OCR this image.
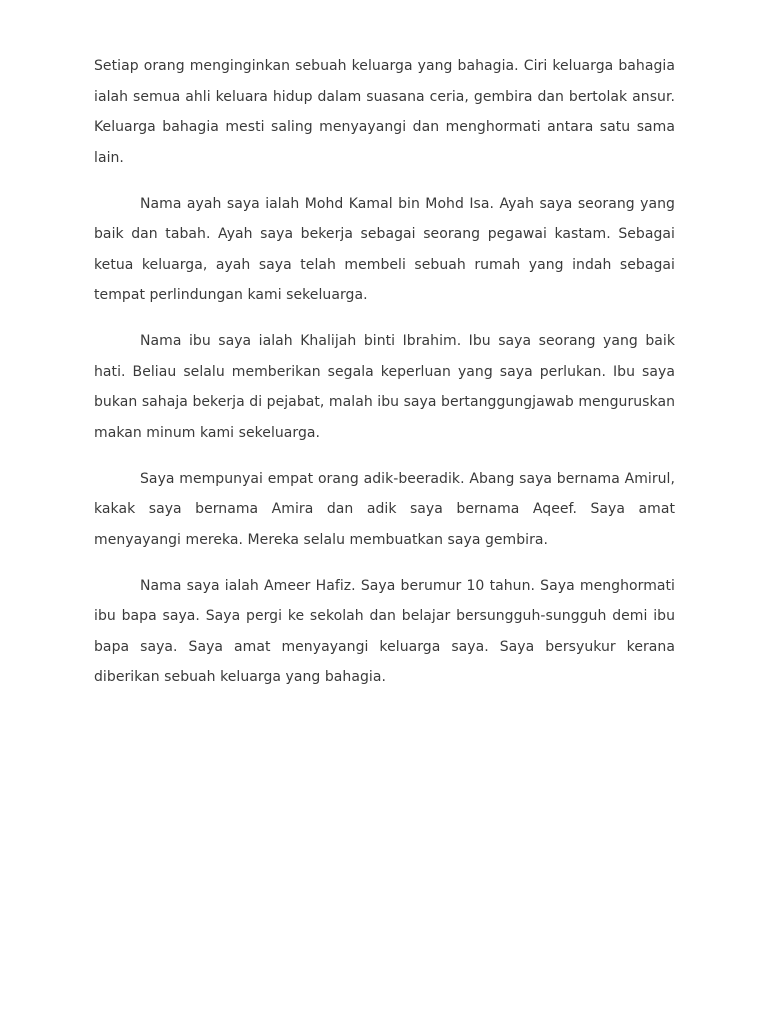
Setiap orang menginginkan sebuah keluarga yang bahagia. Ciri keluarga bahagia ialah semua ahli keluara hidup dalam suasana ceria, gembira dan bertolak ansur. Keluarga bahagia mesti saling menyayangi dan menghormati antara satu sama lain.

Nama ayah saya ialah Mohd Kamal bin Mohd Isa. Ayah saya seorang yang baik dan tabah. Ayah saya bekerja sebagai seorang pegawai kastam. Sebagai ketua keluarga, ayah saya telah membeli sebuah rumah yang indah sebagai tempat perlindungan kami sekeluarga.

Nama ibu saya ialah Khalijah binti Ibrahim. Ibu saya seorang yang baik hati. Beliau selalu memberikan segala keperluan yang saya perlukan. Ibu saya bukan sahaja bekerja di pejabat, malah ibu saya bertanggungjawab menguruskan makan minum kami sekeluarga.

Saya mempunyai empat orang adik-beeradik. Abang saya bernama Amirul, kakak saya bernama Amira dan adik saya bernama Aqeef. Saya amat menyayangi mereka. Mereka selalu membuatkan saya gembira.

Nama saya ialah Ameer Hafiz. Saya berumur 10 tahun. Saya menghormati ibu bapa saya. Saya pergi ke sekolah dan belajar bersungguh-sungguh demi ibu bapa saya. Saya amat menyayangi keluarga saya. Saya bersyukur kerana diberikan sebuah keluarga yang bahagia.
